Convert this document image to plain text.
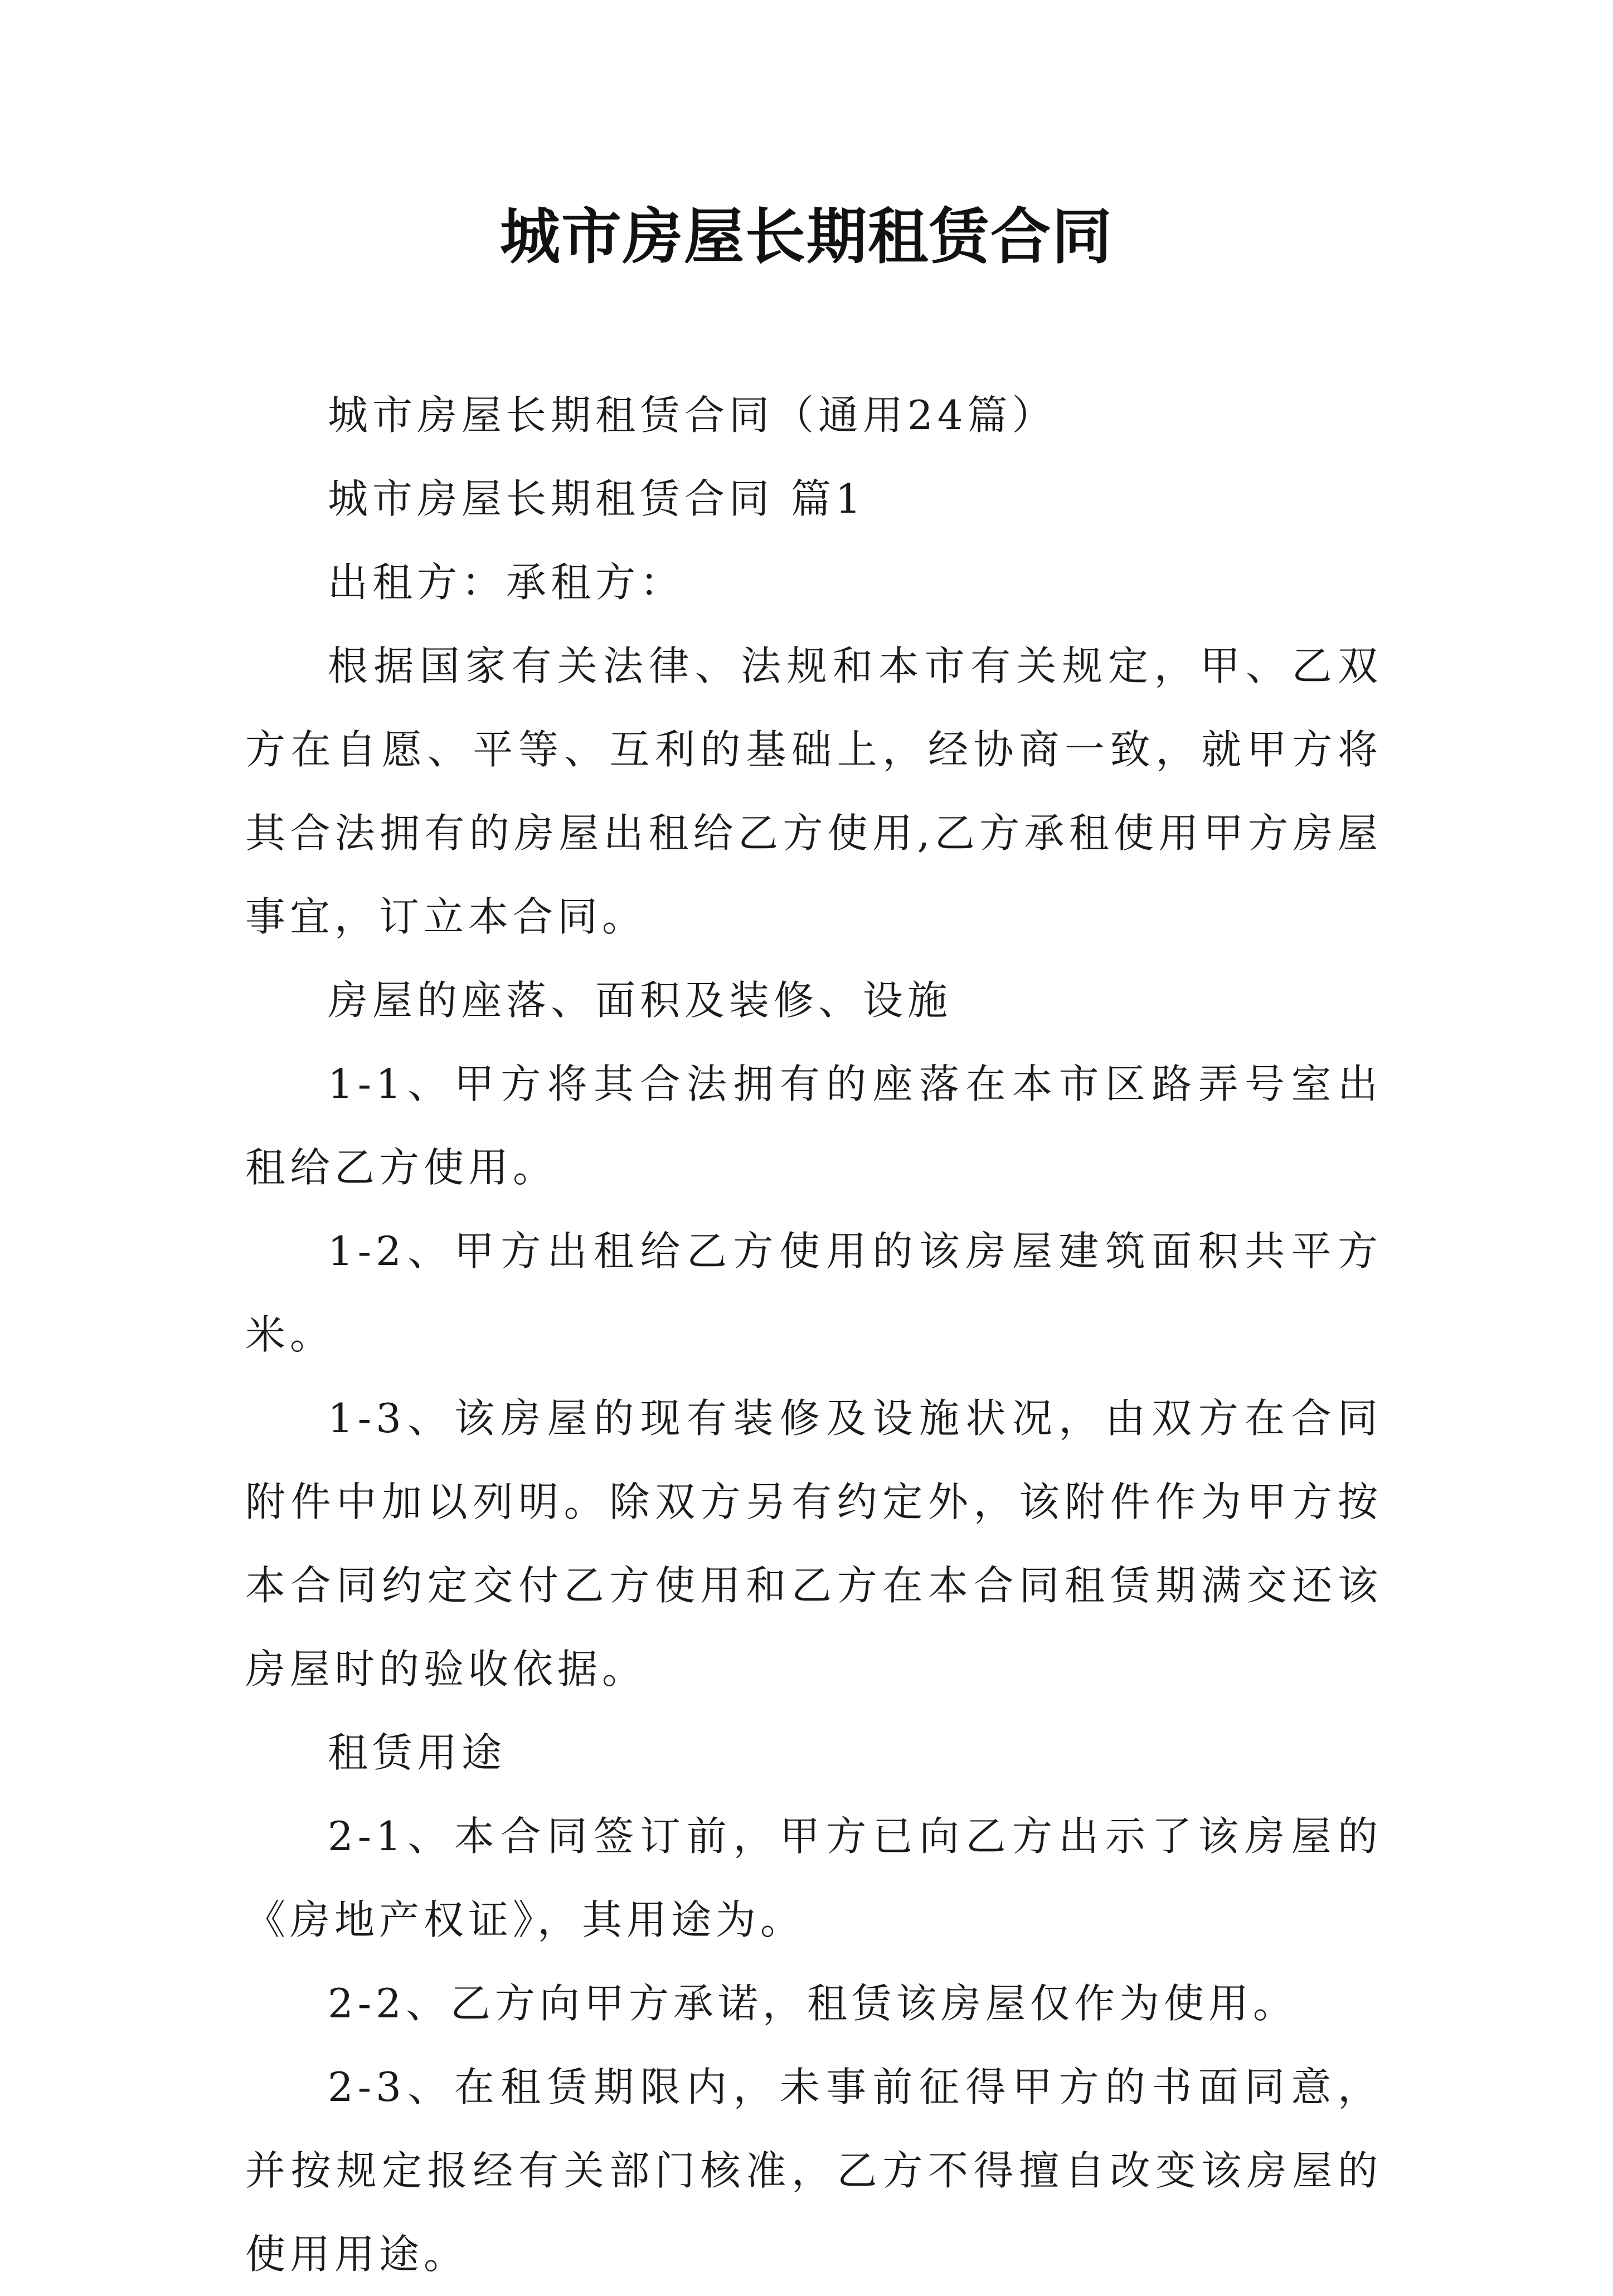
城市房屋长期租赁合同

城市房屋长期租赁合同（通用24篇）

城市房屋长期租赁合同 篇1

出租方：承租方：

根据国家有关法律、法规和本市有关规定，甲、乙双方在自愿、平等、互利的基础上，经协商一致，就甲方将其合法拥有的房屋出租给乙方使用,乙方承租使用甲方房屋事宜，订立本合同。

房屋的座落、面积及装修、设施

1-1、甲方将其合法拥有的座落在本市区路弄号室出租给乙方使用。

1-2、甲方出租给乙方使用的该房屋建筑面积共平方米。

1-3、该房屋的现有装修及设施状况，由双方在合同附件中加以列明。除双方另有约定外，该附件作为甲方按本合同约定交付乙方使用和乙方在本合同租赁期满交还该房屋时的验收依据。

租赁用途

2-1、本合同签订前，甲方已向乙方出示了该房屋的《房地产权证》，其用途为。

2-2、乙方向甲方承诺，租赁该房屋仅作为使用。

2-3、在租赁期限内，未事前征得甲方的书面同意，并按规定报经有关部门核准，乙方不得擅自改变该房屋的使用用途。
